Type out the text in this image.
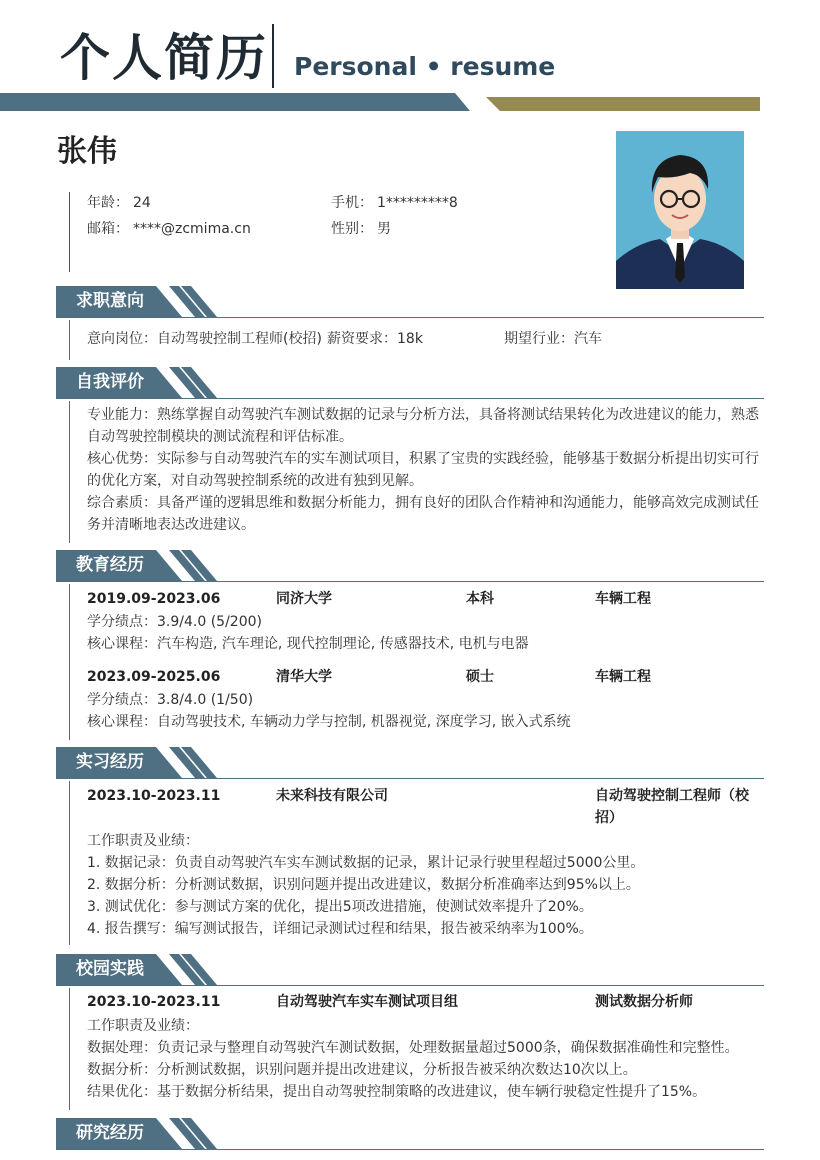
个人简历 Personal • resume
张伟
年龄： 24	手机： 1*********8
邮箱： ****@zcmima.cn	性别： 男
求职意向
意向岗位：自动驾驶控制工程师(校招) 薪资要求：18k	期望行业：汽车
自我评价
专业能力：熟练掌握自动驾驶汽车测试数据的记录与分析方法，具备将测试结果转化为改进建议的能力，熟悉
自动驾驶控制模块的测试流程和评估标准。
核心优势：实际参与自动驾驶汽车的实车测试项目，积累了宝贵的实践经验，能够基于数据分析提出切实可行
的优化方案，对自动驾驶控制系统的改进有独到见解。
综合素质：具备严谨的逻辑思维和数据分析能力，拥有良好的团队合作精神和沟通能力，能够高效完成测试任
务并清晰地表达改进建议。
教育经历
2019.09-2023.06	同济大学	本科	车辆工程
学分绩点：3.9/4.0 (5/200)
核心课程：汽车构造, 汽车理论, 现代控制理论, 传感器技术, 电机与电器
2023.09-2025.06	清华大学	硕士	车辆工程
学分绩点：3.8/4.0 (1/50)
核心课程：自动驾驶技术, 车辆动力学与控制, 机器视觉, 深度学习, 嵌入式系统
实习经历
2023.10-2023.11	未来科技有限公司	自动驾驶控制工程师（校
招）
工作职责及业绩：
1. 数据记录：负责自动驾驶汽车实车测试数据的记录，累计记录行驶里程超过5000公里。
2. 数据分析：分析测试数据，识别问题并提出改进建议，数据分析准确率达到95%以上。
3. 测试优化：参与测试方案的优化，提出5项改进措施，使测试效率提升了20%。
4. 报告撰写：编写测试报告，详细记录测试过程和结果，报告被采纳率为100%。
校园实践
2023.10-2023.11	自动驾驶汽车实车测试项目组	测试数据分析师
工作职责及业绩：
数据处理：负责记录与整理自动驾驶汽车测试数据，处理数据量超过5000条，确保数据准确性和完整性。
数据分析：分析测试数据，识别问题并提出改进建议，分析报告被采纳次数达10次以上。
结果优化：基于数据分析结果，提出自动驾驶控制策略的改进建议，使车辆行驶稳定性提升了15%。
研究经历
